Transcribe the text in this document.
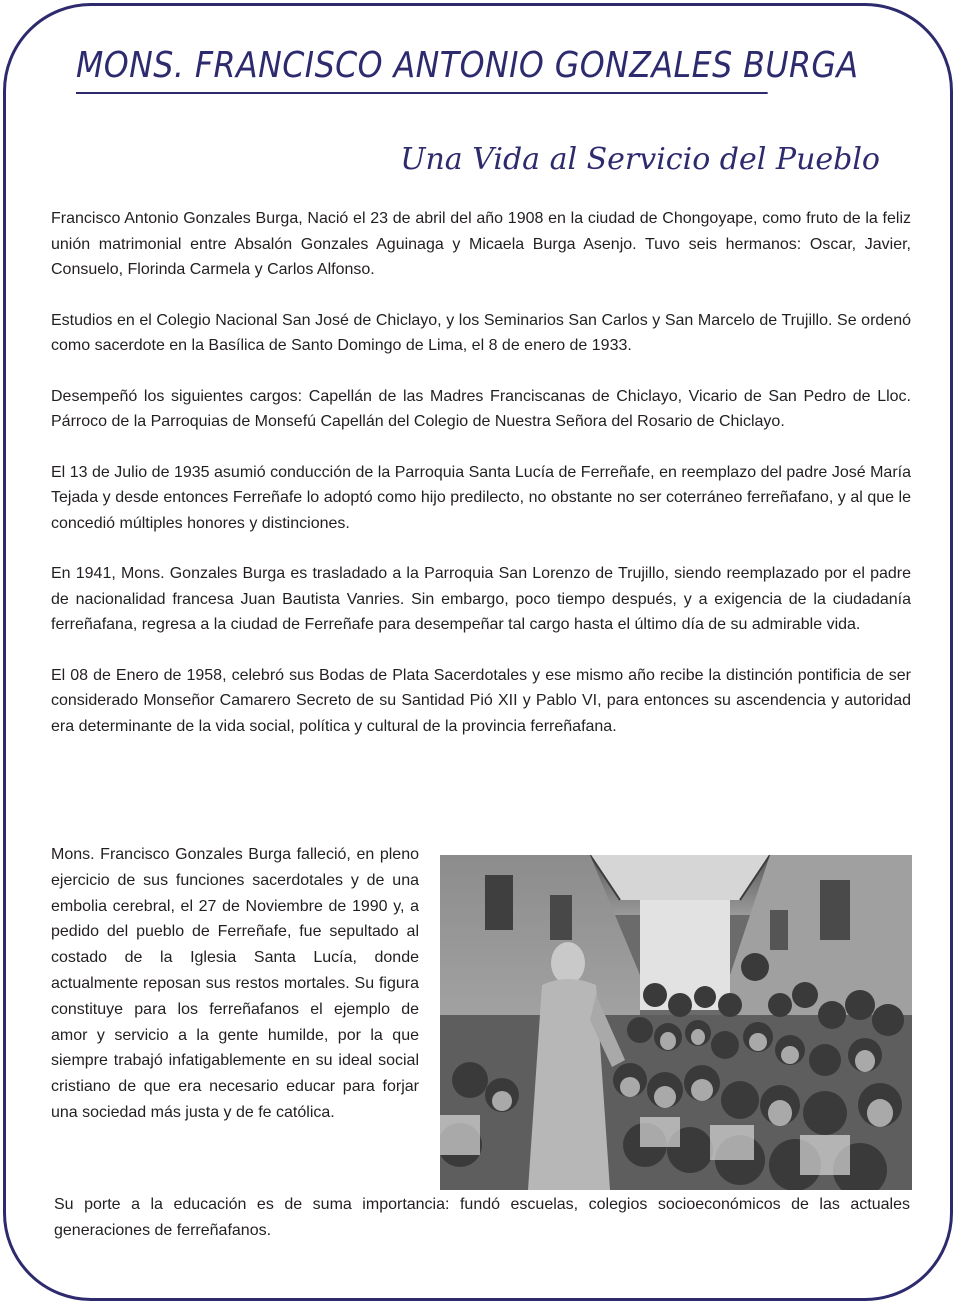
MONS. FRANCISCO ANTONIO GONZALES BURGA
Una Vida al Servicio del Pueblo

Francisco Antonio Gonzales Burga, Nació el 23 de abril del año 1908 en la ciudad de Chongoyape, como fruto de la feliz unión matrimonial entre Absalón Gonzales Aguinaga y Micaela Burga Asenjo. Tuvo seis hermanos: Oscar, Javier, Consuelo, Florinda Carmela y Carlos Alfonso.

Estudios en el Colegio Nacional San José de Chiclayo, y los Seminarios San Carlos y San Marcelo de Trujillo. Se ordenó como sacerdote en la Basílica de Santo Domingo de Lima, el 8 de enero de 1933.

Desempeñó los siguientes cargos: Capellán de las Madres Franciscanas de Chiclayo, Vicario de San Pedro de Lloc. Párroco de la Parroquias de Monsefú Capellán del Colegio de Nuestra Señora del Rosario de Chiclayo.

El 13 de Julio de 1935 asumió conducción de la Parroquia Santa Lucía de Ferreñafe, en reemplazo del padre José María Tejada y desde entonces Ferreñafe lo adoptó como hijo predilecto, no obstante no ser coterráneo ferreñafano, y al que le concedió múltiples honores y distinciones.

En 1941, Mons. Gonzales Burga es trasladado a la Parroquia San Lorenzo de Trujillo, siendo reemplazado por el padre de nacionalidad francesa Juan Bautista Vanries. Sin embargo, poco tiempo después, y a exigencia de la ciudadanía ferreñafana, regresa a la ciudad de Ferreñafe para desempeñar tal cargo hasta el último día de su admirable vida.

El 08 de Enero de 1958, celebró sus Bodas de Plata Sacerdotales y ese mismo año recibe la distinción pontificia de ser considerado Monseñor Camarero Secreto de su Santidad Pió XII y Pablo VI, para entonces su ascendencia y autoridad era determinante de la vida social, política y cultural de la provincia ferreñafana.

Mons. Francisco Gonzales Burga falleció, en pleno ejercicio de sus funciones sacerdotales y de una embolia cerebral, el 27 de Noviembre de 1990 y, a pedido del pueblo de Ferreñafe, fue sepultado al costado de la Iglesia Santa Lucía, donde actualmente reposan sus restos mortales. Su figura constituye para los ferreñafanos el ejemplo de amor y servicio a la gente humilde, por la que siempre trabajó infatigablemente en su ideal social cristiano de que era necesario educar para forjar una sociedad más justa y de fe católica.

Su porte a la educación es de suma importancia: fundó escuelas, colegios socioeconómicos de las actuales generaciones de ferreñafanos.
